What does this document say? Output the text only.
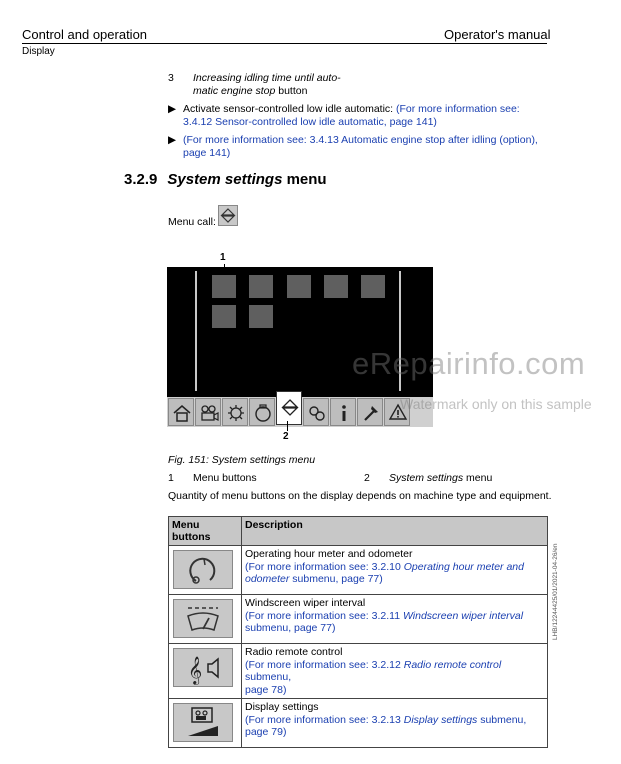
Control and operation	Operator's manual
Display
3 Increasing idling time until auto-
matic engine stop button
▶ Activate sensor-controlled low idle automatic: (For more information see:
3.4.12 Sensor-controlled low idle automatic, page 141)
▶ (For more information see: 3.4.13 Automatic engine stop after idling (option),
page 141)
3.2.9 System settings menu
Menu call:
1
2
eRepairinfo.com
Watermark only on this sample
Fig. 151: System settings menu
1 Menu buttons	2 System settings menu
Quantity of menu buttons on the display depends on machine type and equipment.
Menu buttons	Description

Operating hour meter and odometer
(For more information see: 3.2.10 Operating hour meter and
odometer submenu, page 77)

Windscreen wiper interval
(For more information see: 3.2.11 Windscreen wiper interval
submenu, page 77)

𝄞	Radio remote control
(For more information see: 3.2.12 Radio remote control submenu,
page 78)

Display settings
(For more information see: 3.2.13 Display settings submenu,
page 79)
LHB/12244425/01/2021-04-26/en
